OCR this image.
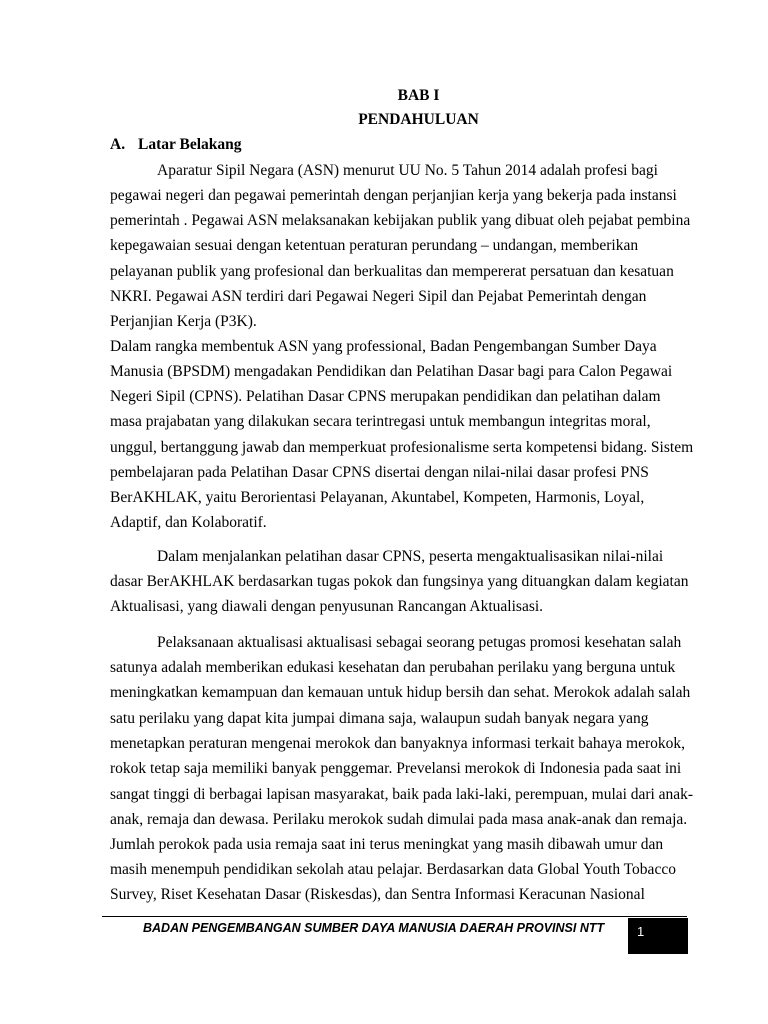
BAB I
PENDAHULUAN
A. Latar Belakang
Aparatur Sipil Negara (ASN) menurut UU No. 5 Tahun 2014 adalah profesi bagi
pegawai negeri dan pegawai pemerintah dengan perjanjian kerja yang bekerja pada instansi
pemerintah . Pegawai ASN melaksanakan kebijakan publik yang dibuat oleh pejabat pembina
kepegawaian sesuai dengan ketentuan peraturan perundang – undangan, memberikan
pelayanan publik yang profesional dan berkualitas dan mempererat persatuan dan kesatuan
NKRI. Pegawai ASN terdiri dari Pegawai Negeri Sipil dan Pejabat Pemerintah dengan
Perjanjian Kerja (P3K).
Dalam rangka membentuk ASN yang professional, Badan Pengembangan Sumber Daya
Manusia (BPSDM) mengadakan Pendidikan dan Pelatihan Dasar bagi para Calon Pegawai
Negeri Sipil (CPNS). Pelatihan Dasar CPNS merupakan pendidikan dan pelatihan dalam
masa prajabatan yang dilakukan secara terintregasi untuk membangun integritas moral,
unggul, bertanggung jawab dan memperkuat profesionalisme serta kompetensi bidang. Sistem
pembelajaran pada Pelatihan Dasar CPNS disertai dengan nilai-nilai dasar profesi PNS
BerAKHLAK, yaitu Berorientasi Pelayanan, Akuntabel, Kompeten, Harmonis, Loyal,
Adaptif, dan Kolaboratif.
Dalam menjalankan pelatihan dasar CPNS, peserta mengaktualisasikan nilai-nilai
dasar BerAKHLAK berdasarkan tugas pokok dan fungsinya yang dituangkan dalam kegiatan
Aktualisasi, yang diawali dengan penyusunan Rancangan Aktualisasi.
Pelaksanaan aktualisasi aktualisasi sebagai seorang petugas promosi kesehatan salah
satunya adalah memberikan edukasi kesehatan dan perubahan perilaku yang berguna untuk
meningkatkan kemampuan dan kemauan untuk hidup bersih dan sehat. Merokok adalah salah
satu perilaku yang dapat kita jumpai dimana saja, walaupun sudah banyak negara yang
menetapkan peraturan mengenai merokok dan banyaknya informasi terkait bahaya merokok,
rokok tetap saja memiliki banyak penggemar. Prevelansi merokok di Indonesia pada saat ini
sangat tinggi di berbagai lapisan masyarakat, baik pada laki-laki, perempuan, mulai dari anak-
anak, remaja dan dewasa. Perilaku merokok sudah dimulai pada masa anak-anak dan remaja.
Jumlah perokok pada usia remaja saat ini terus meningkat yang masih dibawah umur dan
masih menempuh pendidikan sekolah atau pelajar. Berdasarkan data Global Youth Tobacco
Survey, Riset Kesehatan Dasar (Riskesdas), dan Sentra Informasi Keracunan Nasional
BADAN PENGEMBANGAN SUMBER DAYA MANUSIA DAERAH PROVINSI NTT	1
